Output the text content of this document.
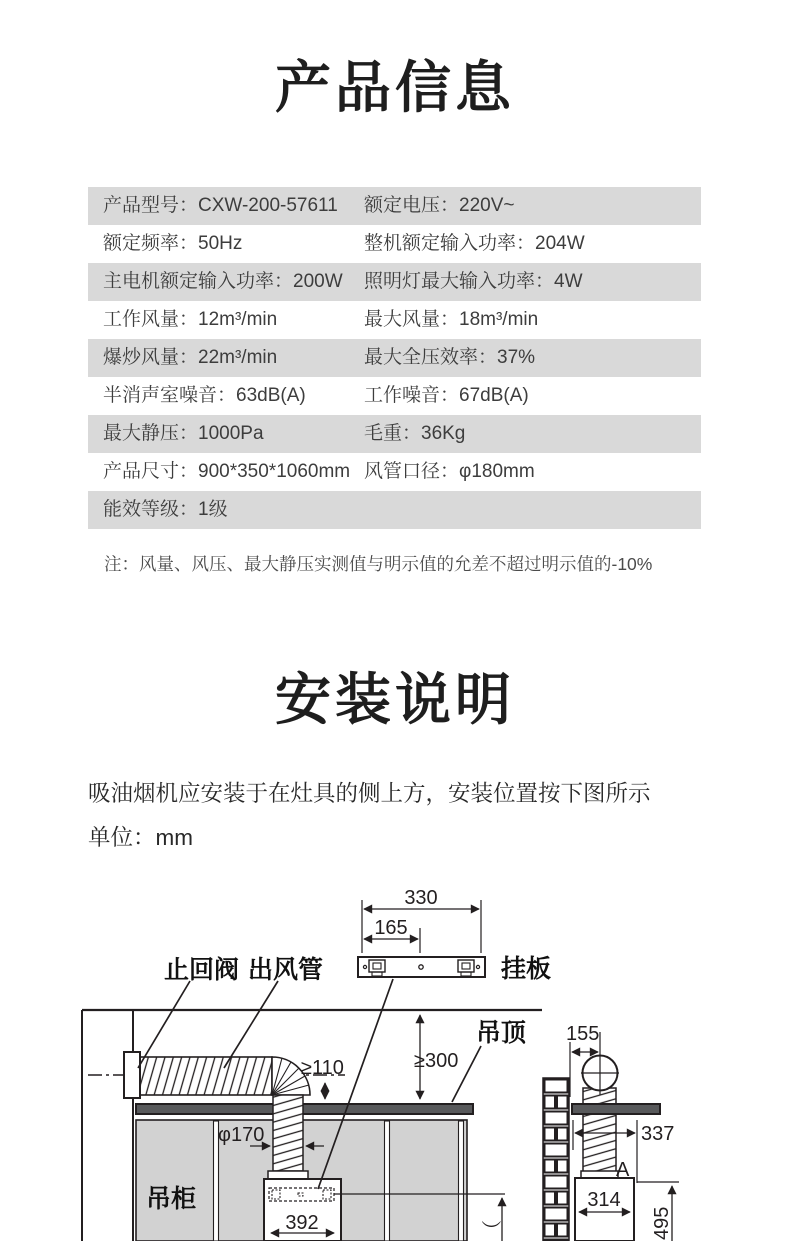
产品信息
产品型号：CXW-200-57611 额定电压：220V~
额定频率：50Hz	整机额定输入功率：204W
主电机额定输入功率：200W 照明灯最大输入功率：4W
工作风量：12m³/min	最大风量：18m³/min
爆炒风量：22m³/min	最大全压效率：37%
半消声室噪音：63dB(A)	工作噪音：67dB(A)
最大静压：1000Pa	毛重：36Kg
产品尺寸：900*350*1060mm 风管口径：φ180mm
能效等级：1级
注：风量、风压、最大静压实测值与明示值的允差不超过明示值的-10%
安装说明
吸油烟机应安装于在灶具的侧上方，安装位置按下图所示
单位：mm
330
165
≥110	≥300
φ170
392	（
155
337
A
314
495
止回阀 出风管	挂板
吊顶
吊柜
